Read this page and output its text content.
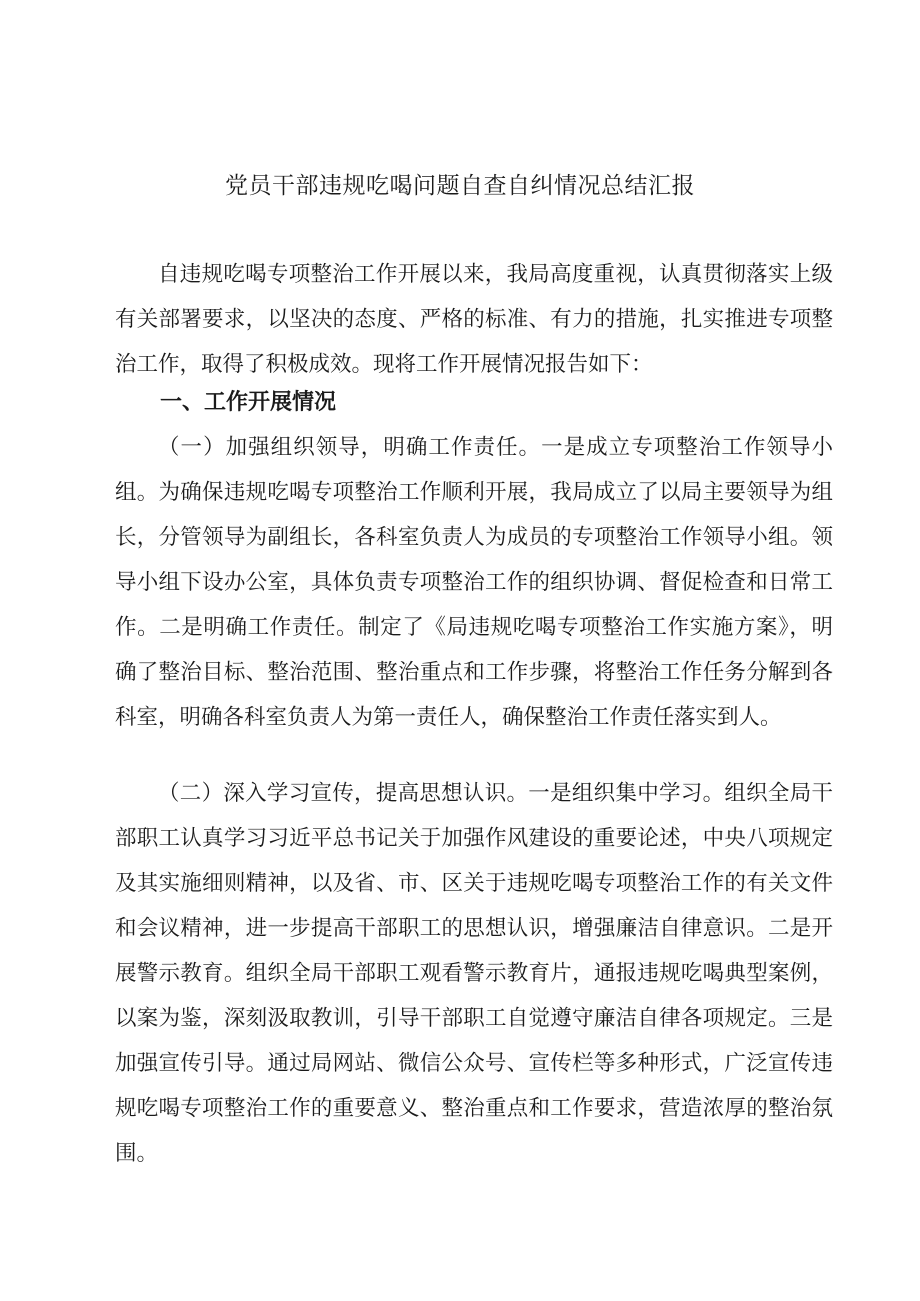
党员干部违规吃喝问题自查自纠情况总结汇报

自违规吃喝专项整治工作开展以来，我局高度重视，认真贯彻落实上级有关部署要求，以坚决的态度、严格的标准、有力的措施，扎实推进专项整治工作，取得了积极成效。现将工作开展情况报告如下：

一、工作开展情况

（一）加强组织领导，明确工作责任。一是成立专项整治工作领导小组。为确保违规吃喝专项整治工作顺利开展，我局成立了以局主要领导为组长，分管领导为副组长，各科室负责人为成员的专项整治工作领导小组。领导小组下设办公室，具体负责专项整治工作的组织协调、督促检查和日常工作。二是明确工作责任。制定了《局违规吃喝专项整治工作实施方案》，明确了整治目标、整治范围、整治重点和工作步骤，将整治工作任务分解到各科室，明确各科室负责人为第一责任人，确保整治工作责任落实到人。

（二）深入学习宣传，提高思想认识。一是组织集中学习。组织全局干部职工认真学习习近平总书记关于加强作风建设的重要论述，中央八项规定及其实施细则精神，以及省、市、区关于违规吃喝专项整治工作的有关文件和会议精神，进一步提高干部职工的思想认识，增强廉洁自律意识。二是开展警示教育。组织全局干部职工观看警示教育片，通报违规吃喝典型案例，以案为鉴，深刻汲取教训，引导干部职工自觉遵守廉洁自律各项规定。三是加强宣传引导。通过局网站、微信公众号、宣传栏等多种形式，广泛宣传违规吃喝专项整治工作的重要意义、整治重点和工作要求，营造浓厚的整治氛围。
